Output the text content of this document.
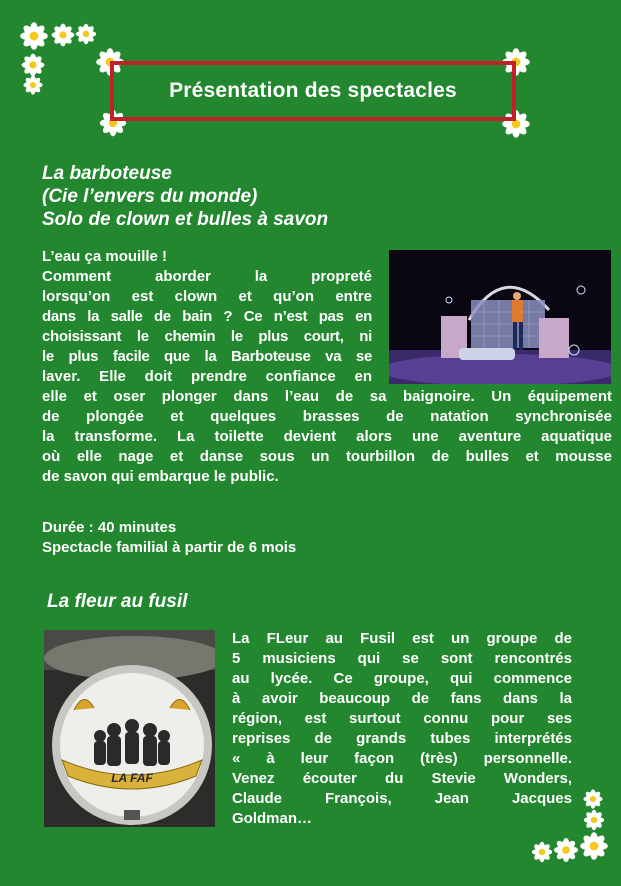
Présentation des spectacles
La barboteuse
(Cie l’envers du monde)
Solo de clown et bulles à savon
L’eau ça mouille !
Comment aborder la propreté
lorsqu’on est clown et qu’on entre
dans la salle de bain ? Ce n’est pas en
choisissant le chemin le plus court, ni
le plus facile que la Barboteuse va se
laver. Elle doit prendre confiance en
elle et oser plonger dans l’eau de sa baignoire. Un équipement
de plongée et quelques brasses de natation synchronisée
la transforme. La toilette devient alors une aventure aquatique
où elle nage et danse sous un tourbillon de bulles et mousse
de savon qui embarque le public.
Durée : 40 minutes
Spectacle familial à partir de 6 mois
La fleur au fusil
LA FAF
La FLeur au Fusil est un groupe de
5 musiciens qui se sont rencontrés
au lycée. Ce groupe, qui commence
à avoir beaucoup de fans dans la
région, est surtout connu pour ses
reprises de grands tubes interprétés
« à leur façon (très) personnelle.
Venez écouter du Stevie Wonders,
Claude François, Jean Jacques
Goldman…
